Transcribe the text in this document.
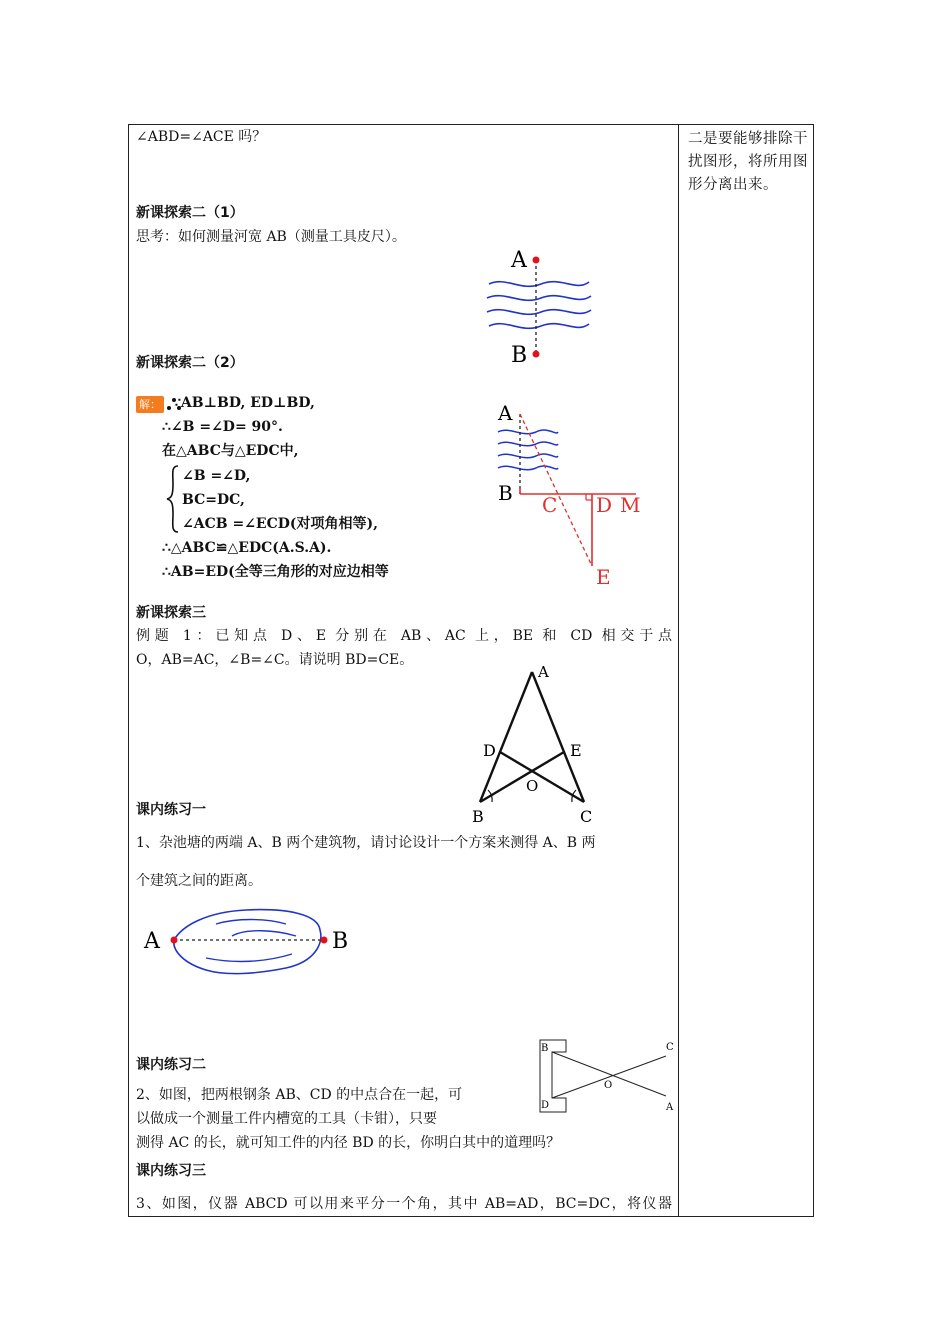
∠ABD=∠ACE 吗？
新课探索二（1）
思考：如何测量河宽 AB（测量工具皮尺）。
A
B
新课探索二（2）
解： ∵AB⊥BD, ED⊥BD,
∴∠B =∠D= 90°.
在△ABC与△EDC中,
∠B =∠D,
BC=DC,
∠ACB =∠ECD(对项角相等),
∴△ABC≌△EDC(A.S.A).
∴AB=ED(全等三角形的对应边相等
A
B C D M
E
新课探索三
例题 1：已知点 D、E 分别在 AB、AC 上，BE 和 CD 相交于点
O，AB=AC，∠B=∠C。请说明 BD=CE。
A
D	E
O
B	C
课内练习一
1、杂池塘的两端 A、B 两个建筑物，请讨论设计一个方案来测得 A、B 两
个建筑之间的距离。
A	B
课内练习二
2、如图，把两根钢条 AB、CD 的中点合在一起，可
以做成一个测量工件内槽宽的工具（卡钳），只要
测得 AC 的长，就可知工件的内径 BD 的长，你明白其中的道理吗？
B	C
O
D	A
课内练习三
3、如图，仪器 ABCD 可以用来平分一个角，其中 AB=AD，BC=DC，将仪器
二是要能够排除干扰图形，将所用图形分离出来。
